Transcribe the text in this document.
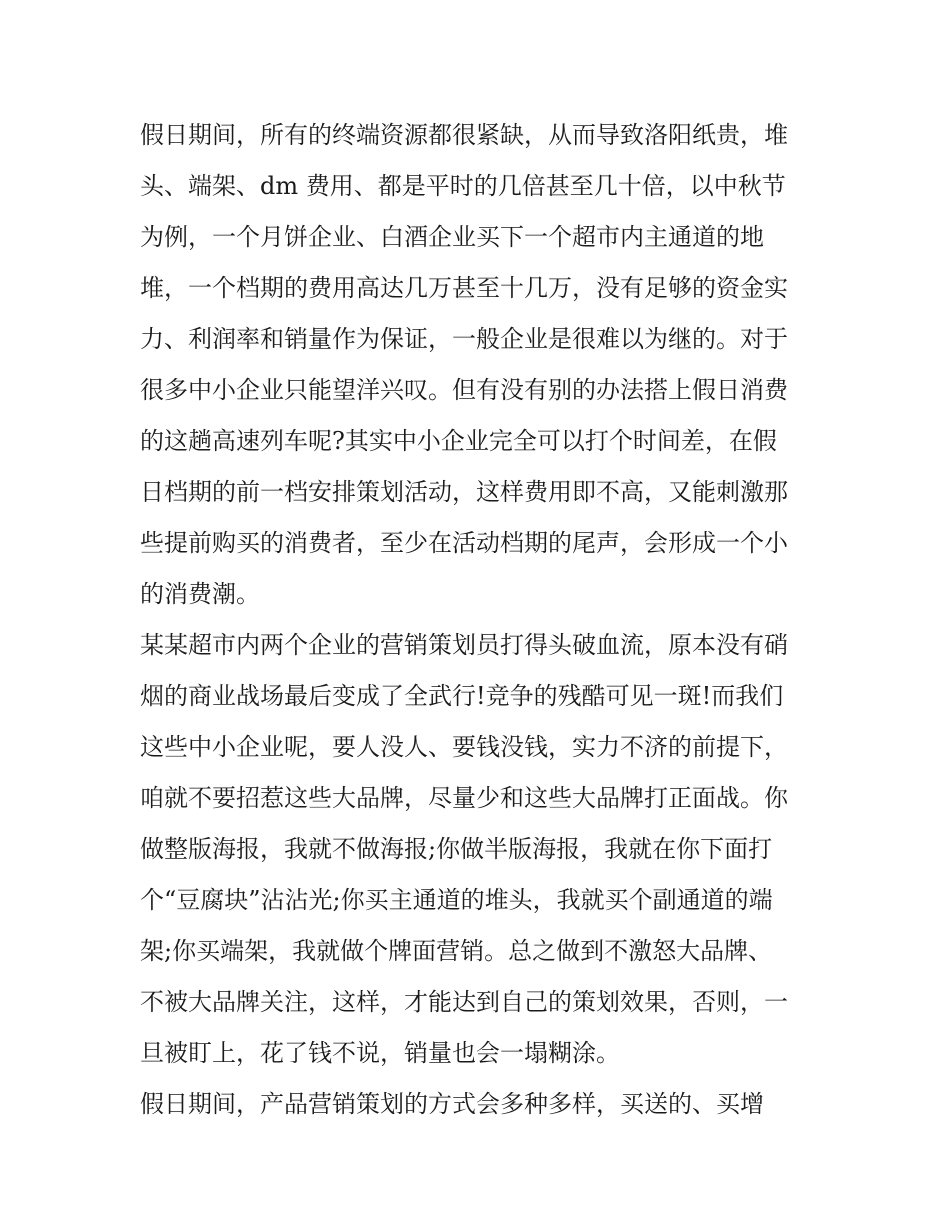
假日期间，所有的终端资源都很紧缺，从而导致洛阳纸贵，堆
头、端架、dm 费用、都是平时的几倍甚至几十倍，以中秋节
为例，一个月饼企业、白酒企业买下一个超市内主通道的地
堆，一个档期的费用高达几万甚至十几万，没有足够的资金实
力、利润率和销量作为保证，一般企业是很难以为继的。对于
很多中小企业只能望洋兴叹。但有没有别的办法搭上假日消费
的这趟高速列车呢?其实中小企业完全可以打个时间差，在假
日档期的前一档安排策划活动，这样费用即不高，又能刺激那
些提前购买的消费者，至少在活动档期的尾声，会形成一个小
的消费潮。
某某超市内两个企业的营销策划员打得头破血流，原本没有硝
烟的商业战场最后变成了全武行!竞争的残酷可见一斑!而我们
这些中小企业呢，要人没人、要钱没钱，实力不济的前提下，
咱就不要招惹这些大品牌，尽量少和这些大品牌打正面战。你
做整版海报，我就不做海报;你做半版海报，我就在你下面打
个“豆腐块”沾沾光;你买主通道的堆头，我就买个副通道的端
架;你买端架，我就做个牌面营销。总之做到不激怒大品牌、
不被大品牌关注，这样，才能达到自己的策划效果，否则，一
旦被盯上，花了钱不说，销量也会一塌糊涂。
假日期间，产品营销策划的方式会多种多样，买送的、买增
